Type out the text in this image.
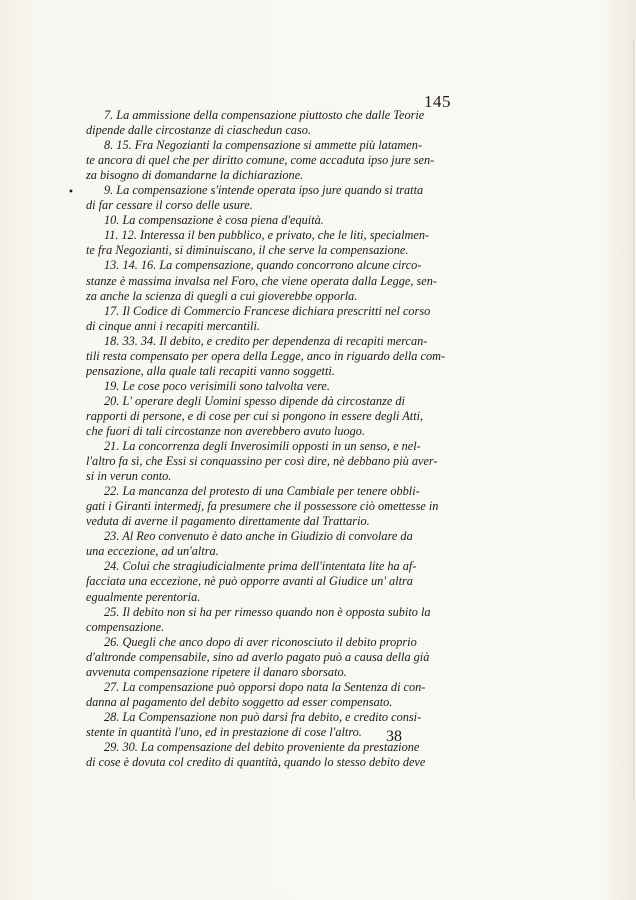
145
•
7. La ammissione della compensazione piuttosto che dalle Teorie
dipende dalle circostanze di ciaschedun caso.
8. 15. Fra Negozianti la compensazione si ammette più latamen-
te ancora di quel che per diritto comune, come accaduta ipso jure sen-
za bisogno di domandarne la dichiarazione.
9. La compensazione s'intende operata ipso jure quando si tratta
di far cessare il corso delle usure.
10. La compensazione è cosa piena d'equità.
11. 12. Interessa il ben pubblico, e privato, che le liti, specialmen-
te fra Negozianti, si diminuiscano, il che serve la compensazione.
13. 14. 16. La compensazione, quando concorrono alcune circo-
stanze è massima invalsa nel Foro, che viene operata dalla Legge, sen-
za anche la scienza di quegli a cui gioverebbe opporla.
17. Il Codice di Commercio Francese dichiara prescritti nel corso
di cinque anni i recapiti mercantili.
18. 33. 34. Il debito, e credito per dependenza di recapiti mercan-
tili resta compensato per opera della Legge, anco in riguardo della com-
pensazione, alla quale tali recapiti vanno soggetti.
19. Le cose poco verisimili sono talvolta vere.
20. L' operare degli Uomini spesso dipende dà circostanze di
rapporti di persone, e di cose per cui si pongono in essere degli Atti,
che fuori di tali circostanze non averebbero avuto luogo.
21. La concorrenza degli Inverosimili opposti in un senso, e nel-
l'altro fa sì, che Essi si conquassino per così dire, nè debbano più aver-
si in verun conto.
22. La mancanza del protesto di una Cambiale per tenere obbli-
gati i Giranti intermedj, fa presumere che il possessore ciò omettesse in
veduta di averne il pagamento direttamente dal Trattario.
23. Al Reo convenuto è dato anche in Giudizio di convolare da
una eccezione, ad un'altra.
24. Colui che stragiudicialmente prima dell'intentata lite ha af-
facciata una eccezione, nè può opporre avanti al Giudice un' altra
egualmente perentoria.
25. Il debito non si ha per rimesso quando non è opposta subito la
compensazione.
26. Quegli che anco dopo di aver riconosciuto il debito proprio
d'altronde compensabile, sino ad averlo pagato può a causa della già
avvenuta compensazione ripetere il danaro sborsato.
27. La compensazione può opporsi dopo nata la Sentenza di con-
danna al pagamento del debito soggetto ad esser compensato.
28. La Compensazione non può darsi fra debito, e credito consi-
stente in quantità l'uno, ed in prestazione di cose l'altro.
29. 30. La compensazione del debito proveniente da prestazione
di cose è dovuta col credito di quantità, quando lo stesso debito deve
38
